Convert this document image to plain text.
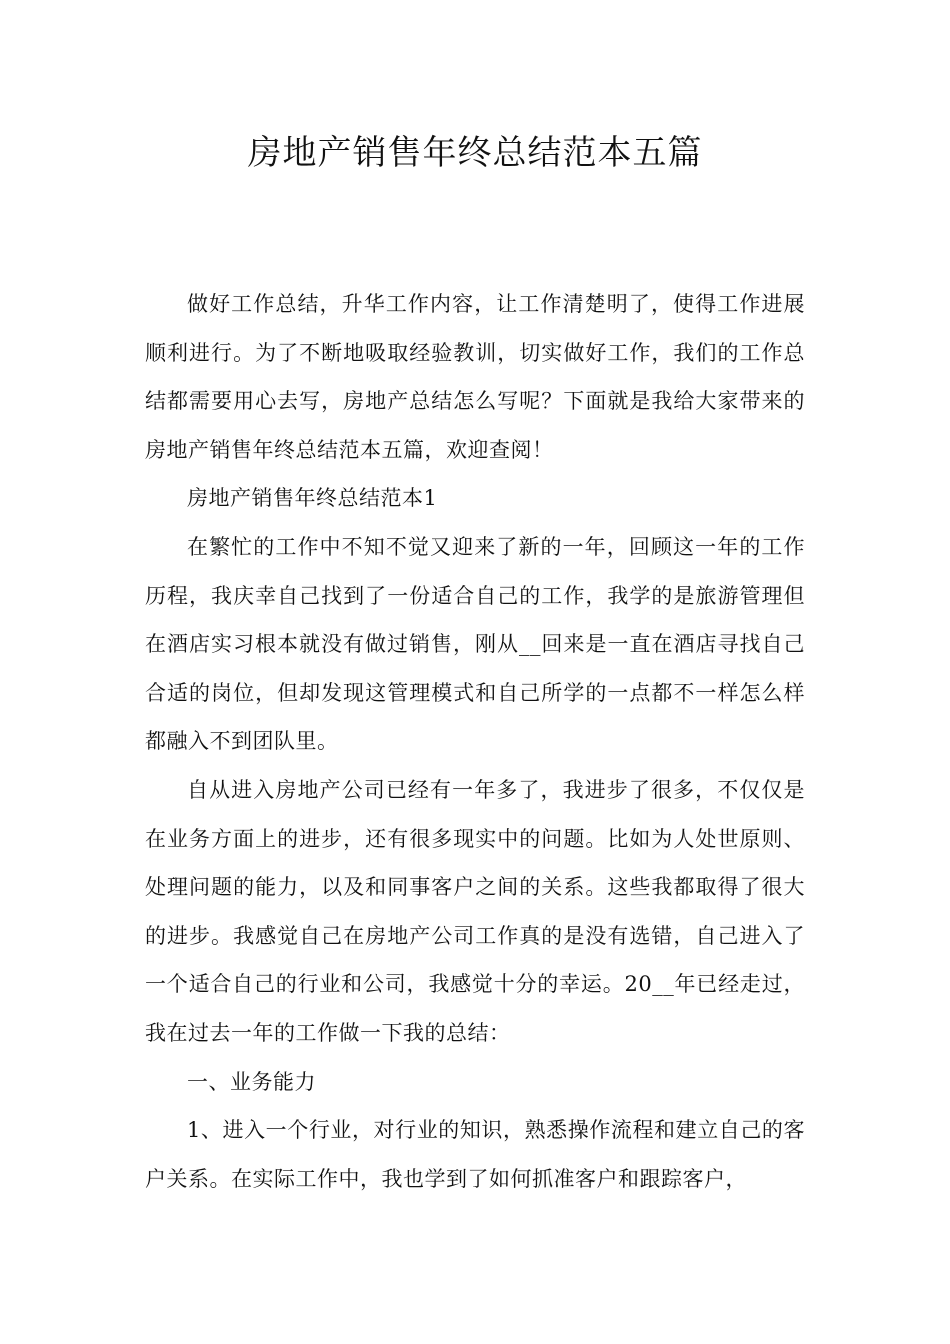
房地产销售年终总结范本五篇

做好工作总结，升华工作内容，让工作清楚明了，使得工作进展顺利进行。为了不断地吸取经验教训，切实做好工作，我们的工作总结都需要用心去写，房地产总结怎么写呢？下面就是我给大家带来的房地产销售年终总结范本五篇，欢迎查阅！

房地产销售年终总结范本1

在繁忙的工作中不知不觉又迎来了新的一年，回顾这一年的工作历程，我庆幸自己找到了一份适合自己的工作，我学的是旅游管理但在酒店实习根本就没有做过销售，刚从__回来是一直在酒店寻找自己合适的岗位，但却发现这管理模式和自己所学的一点都不一样怎么样都融入不到团队里。

自从进入房地产公司已经有一年多了，我进步了很多，不仅仅是在业务方面上的进步，还有很多现实中的问题。比如为人处世原则、处理问题的能力，以及和同事客户之间的关系。这些我都取得了很大的进步。我感觉自己在房地产公司工作真的是没有选错，自己进入了一个适合自己的行业和公司，我感觉十分的幸运。20__年已经走过，我在过去一年的工作做一下我的总结：

一、业务能力

1、进入一个行业，对行业的知识，熟悉操作流程和建立自己的客户关系。在实际工作中，我也学到了如何抓准客户和跟踪客户，
